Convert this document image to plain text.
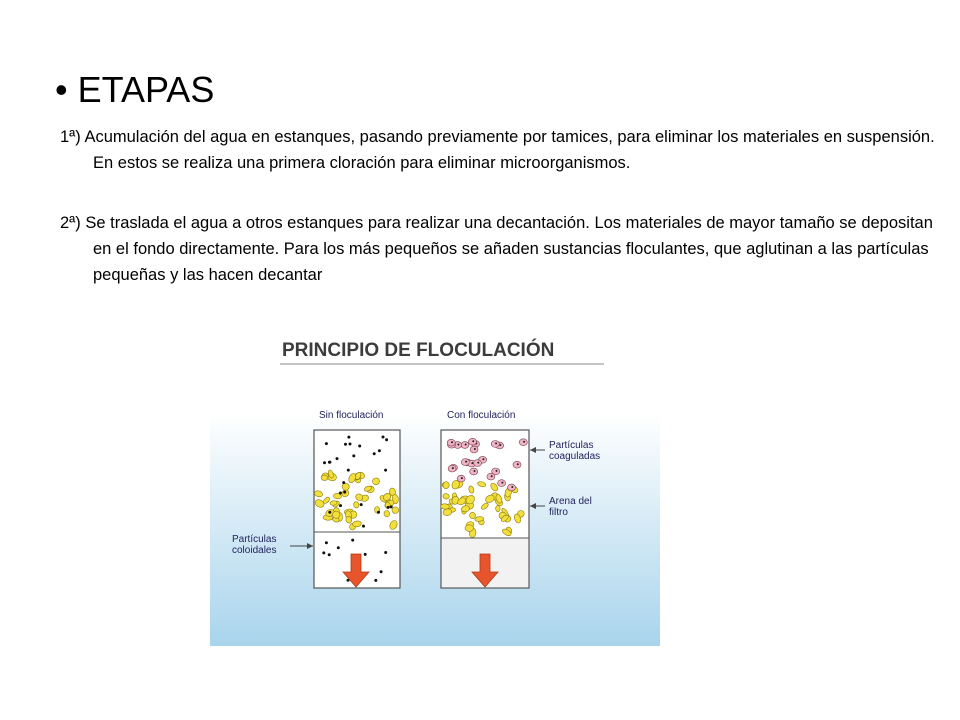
• ETAPAS
1ª) Acumulación del agua en estanques, pasando previamente por tamices, para eliminar los materiales en suspensión. En estos se realiza una primera cloración para eliminar microorganismos.
2ª) Se traslada el agua a otros estanques para realizar una decantación. Los materiales de mayor tamaño se depositan en el fondo directamente. Para los más pequeños se añaden sustancias floculantes, que aglutinan a las partículas pequeñas y las hacen decantar
PRINCIPIO DE FLOCULACIÓN
Sin floculación	Con floculación
Partículas coaguladas
Arena del filtro
Partículas coloidales
